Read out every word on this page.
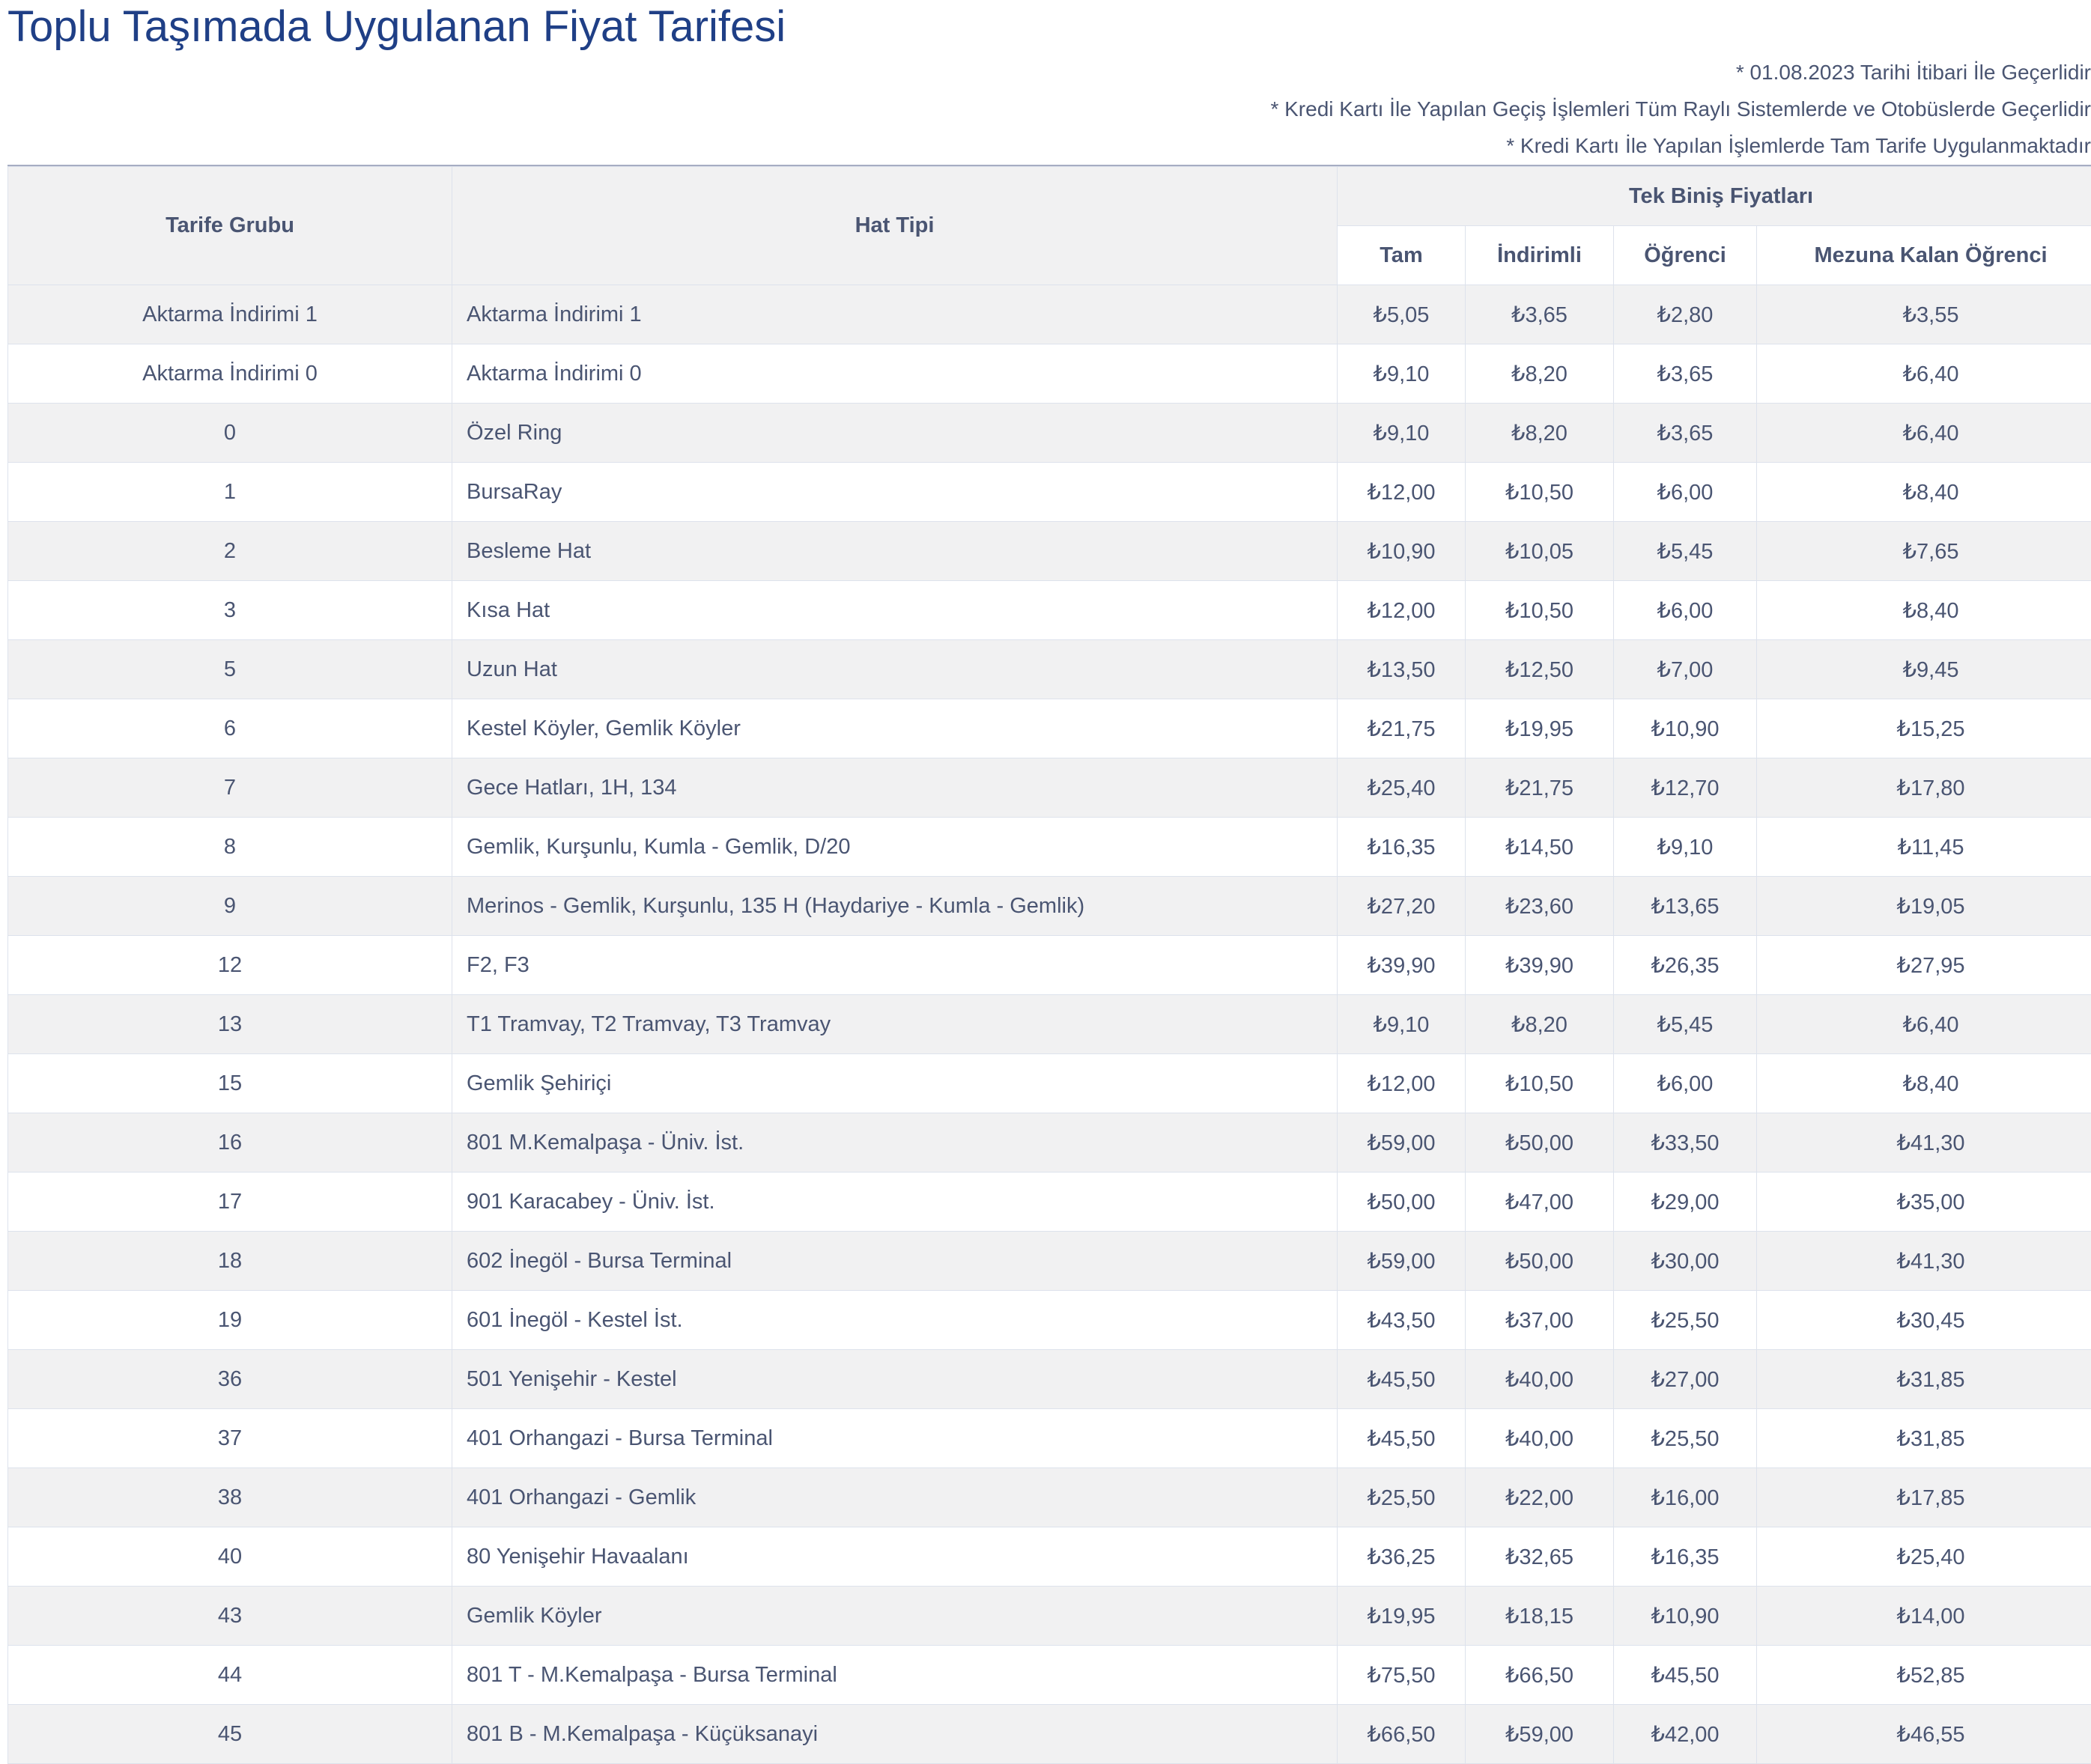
Toplu Taşımada Uygulanan Fiyat Tarifesi
* 01.08.2023 Tarihi İtibari İle Geçerlidir
* Kredi Kartı İle Yapılan Geçiş İşlemleri Tüm Raylı Sistemlerde ve Otobüslerde Geçerlidir
* Kredi Kartı İle Yapılan İşlemlerde Tam Tarife Uygulanmaktadır
Tarife Grubu	Hat Tipi	Tek Biniş Fiyatları			
		Tam	İndirimli	Öğrenci	Mezuna Kalan Öğrenci
Aktarma İndirimi 1	Aktarma İndirimi 1	₺5,05	₺3,65	₺2,80	₺3,55
Aktarma İndirimi 0	Aktarma İndirimi 0	₺9,10	₺8,20	₺3,65	₺6,40
0	Özel Ring	₺9,10	₺8,20	₺3,65	₺6,40
1	BursaRay	₺12,00	₺10,50	₺6,00	₺8,40
2	Besleme Hat	₺10,90	₺10,05	₺5,45	₺7,65
3	Kısa Hat	₺12,00	₺10,50	₺6,00	₺8,40
5	Uzun Hat	₺13,50	₺12,50	₺7,00	₺9,45
6	Kestel Köyler, Gemlik Köyler	₺21,75	₺19,95	₺10,90	₺15,25
7	Gece Hatları, 1H, 134	₺25,40	₺21,75	₺12,70	₺17,80
8	Gemlik, Kurşunlu, Kumla - Gemlik, D/20	₺16,35	₺14,50	₺9,10	₺11,45
9	Merinos - Gemlik, Kurşunlu, 135 H (Haydariye - Kumla - Gemlik)	₺27,20	₺23,60	₺13,65	₺19,05
12	F2, F3	₺39,90	₺39,90	₺26,35	₺27,95
13	T1 Tramvay, T2 Tramvay, T3 Tramvay	₺9,10	₺8,20	₺5,45	₺6,40
15	Gemlik Şehiriçi	₺12,00	₺10,50	₺6,00	₺8,40
16	801 M.Kemalpaşa - Üniv. İst.	₺59,00	₺50,00	₺33,50	₺41,30
17	901 Karacabey - Üniv. İst.	₺50,00	₺47,00	₺29,00	₺35,00
18	602 İnegöl - Bursa Terminal	₺59,00	₺50,00	₺30,00	₺41,30
19	601 İnegöl - Kestel İst.	₺43,50	₺37,00	₺25,50	₺30,45
36	501 Yenişehir - Kestel	₺45,50	₺40,00	₺27,00	₺31,85
37	401 Orhangazi - Bursa Terminal	₺45,50	₺40,00	₺25,50	₺31,85
38	401 Orhangazi - Gemlik	₺25,50	₺22,00	₺16,00	₺17,85
40	80 Yenişehir Havaalanı	₺36,25	₺32,65	₺16,35	₺25,40
43	Gemlik Köyler	₺19,95	₺18,15	₺10,90	₺14,00
44	801 T - M.Kemalpaşa - Bursa Terminal	₺75,50	₺66,50	₺45,50	₺52,85
45	801 B - M.Kemalpaşa - Küçüksanayi	₺66,50	₺59,00	₺42,00	₺46,55
